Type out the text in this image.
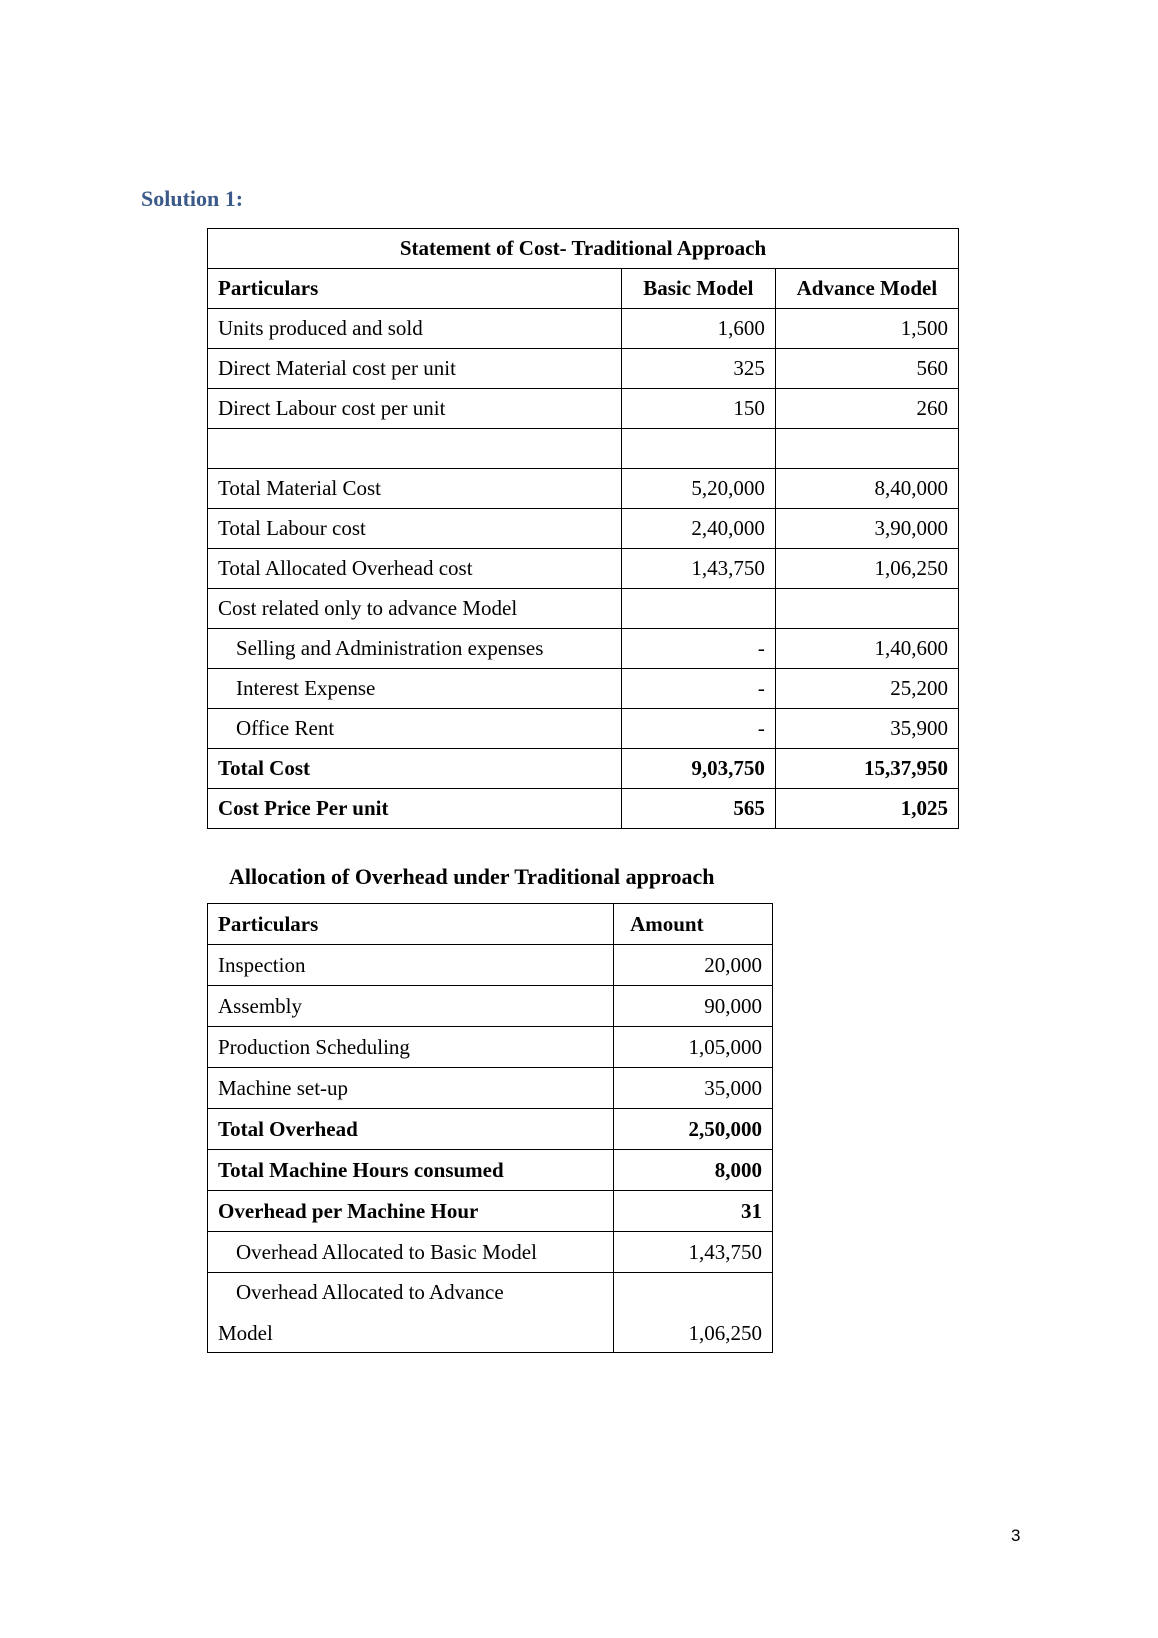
Solution 1:
Statement of Cost- Traditional Approach		
Particulars	Basic Model	Advance Model
Units produced and sold	1,600	1,500
Direct Material cost per unit	325	560
Direct Labour cost per unit	150	260

Total Material Cost	5,20,000	8,40,000
Total Labour cost	2,40,000	3,90,000
Total Allocated Overhead cost	1,43,750	1,06,250
Cost related only to advance Model		
Selling and Administration expenses	-	1,40,600
Interest Expense	-	25,200
Office Rent	-	35,900
Total Cost	9,03,750	15,37,950
Cost Price Per unit	565	1,025
Allocation of Overhead under Traditional approach
Particulars	Amount
Inspection	20,000
Assembly	90,000
Production Scheduling	1,05,000
Machine set-up	35,000
Total Overhead	2,50,000
Total Machine Hours consumed	8,000
Overhead per Machine Hour	31
Overhead Allocated to Basic Model	1,43,750

Overhead Allocated to Advance
Model	1,06,250
3
